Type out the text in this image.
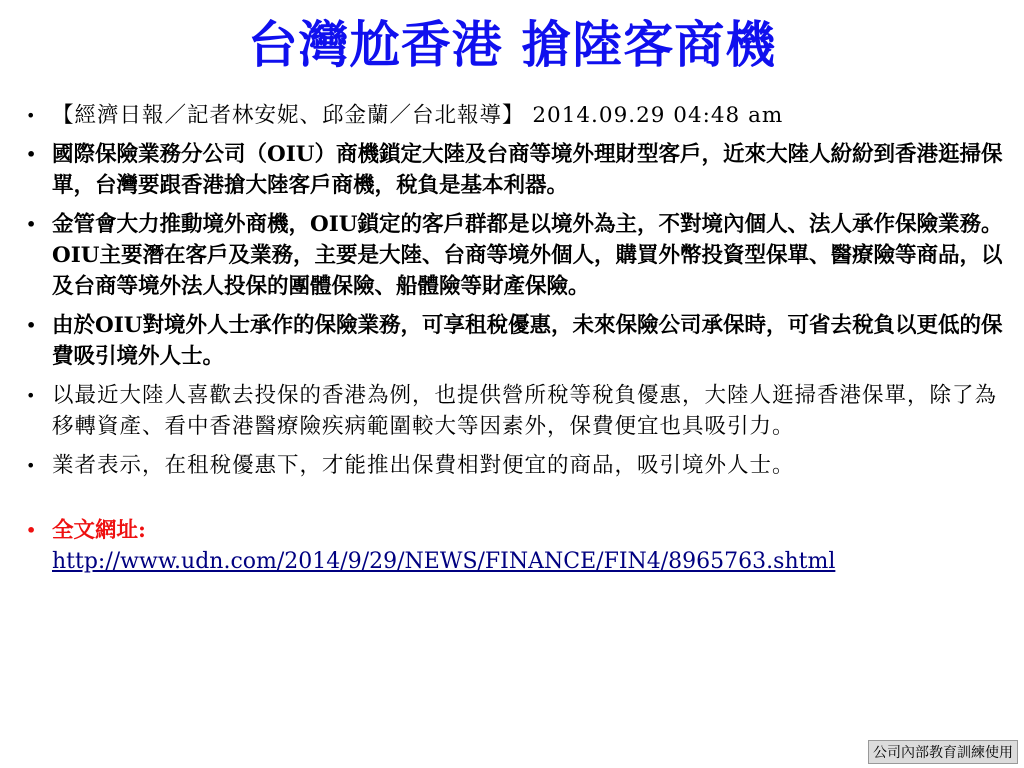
台灣尬香港 搶陸客商機
• 【經濟日報／記者林安妮、邱金蘭／台北報導】 2014.09.29 04:48 am
• 國際保險業務分公司（OIU）商機鎖定大陸及台商等境外理財型客戶，近來大陸人紛紛到香港逛掃保單，台灣要跟香港搶大陸客戶商機，稅負是基本利器。
• 金管會大力推動境外商機，OIU鎖定的客戶群都是以境外為主，不對境內個人、法人承作保險業務。OIU主要潛在客戶及業務，主要是大陸、台商等境外個人，購買外幣投資型保單、醫療險等商品，以及台商等境外法人投保的團體保險、船體險等財產保險。
• 由於OIU對境外人士承作的保險業務，可享租稅優惠，未來保險公司承保時，可省去稅負以更低的保費吸引境外人士。
• 以最近大陸人喜歡去投保的香港為例，也提供營所稅等稅負優惠，大陸人逛掃香港保單，除了為移轉資產、看中香港醫療險疾病範圍較大等因素外，保費便宜也具吸引力。
• 業者表示，在租稅優惠下，才能推出保費相對便宜的商品，吸引境外人士。
• 全文網址:
http://www.udn.com/2014/9/29/NEWS/FINANCE/FIN4/8965763.shtml
公司內部教育訓練使用
